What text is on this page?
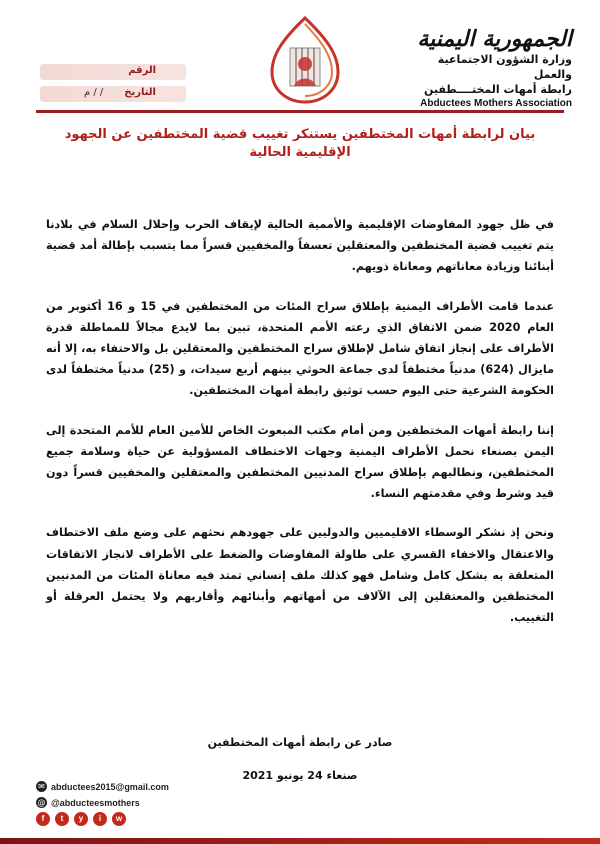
الجمهورية اليمنية
وزارة الشؤون الاجتماعية والعمل
رابطة أمهات المختــــطفين
Abductees Mothers Association
الرقم
التاريخ
م / /
بيان لرابطة أمهات المختطفين يستنكر تغييب قضية المختطفين عن الجهود الإقليمية الحالية

في ظل جهود المفاوضات الإقليمية والأممية الحالية لإيقاف الحرب وإحلال السلام في بلادنا يتم تغييب قضية المختطفين والمعتقلين تعسفاً والمخفيين قسراً مما يتسبب بإطالة أمد قضية أبنائنا وزيادة معاناتهم ومعاناة ذويهم.

عندما قامت الأطراف اليمنية بإطلاق سراح المئات من المختطفين في 15 و 16 أكتوبر من العام 2020 ضمن الاتفاق الذي رعته الأمم المتحدة، تبين بما لايدع مجالاً للمماطلة قدرة الأطراف على إنجاز اتفاق شامل لإطلاق سراح المختطفين والمعتقلين بل والاحتفاء به، إلا أنه مايزال (624) مدنياً مختطفاً لدى جماعة الحوثي بينهم أربع سيدات، و (25) مدنياً مختطفاً لدى الحكومة الشرعية حتى اليوم حسب توثيق رابطة أمهات المختطفين.

إننا رابطة أمهات المختطفين ومن أمام مكتب المبعوث الخاص للأمين العام للأمم المتحدة إلى اليمن بصنعاء نحمل الأطراف اليمنية وجهات الاختطاف المسؤولية عن حياة وسلامة جميع المختطفين، ونطالبهم بإطلاق سراح المدنيين المختطفين والمعتقلين والمخفيين قسراً دون قيد وشرط وفي مقدمتهم النساء.

ونحن إذ نشكر الوسطاء الاقليميين والدوليين على جهودهم نحثهم على وضع ملف الاختطاف والاعتقال والاخفاء القسري على طاولة المفاوضات والضغط على الأطراف لانجاز الاتفاقات المتعلقة به بشكل كامل وشامل فهو كذلك ملف إنساني تمتد فيه معاناة المئات من المدنيين المختطفين والمعتقلين إلى الآلاف من أمهاتهم وأبنائهم وأقاربهم ولا يحتمل العرقلة أو التغييب.

صادر عن رابطة أمهات المختطفين
صنعاء 24 يونيو 2021
✉ abductees2015@gmail.com
@ @abducteesmothers
f	t	y	i	w
